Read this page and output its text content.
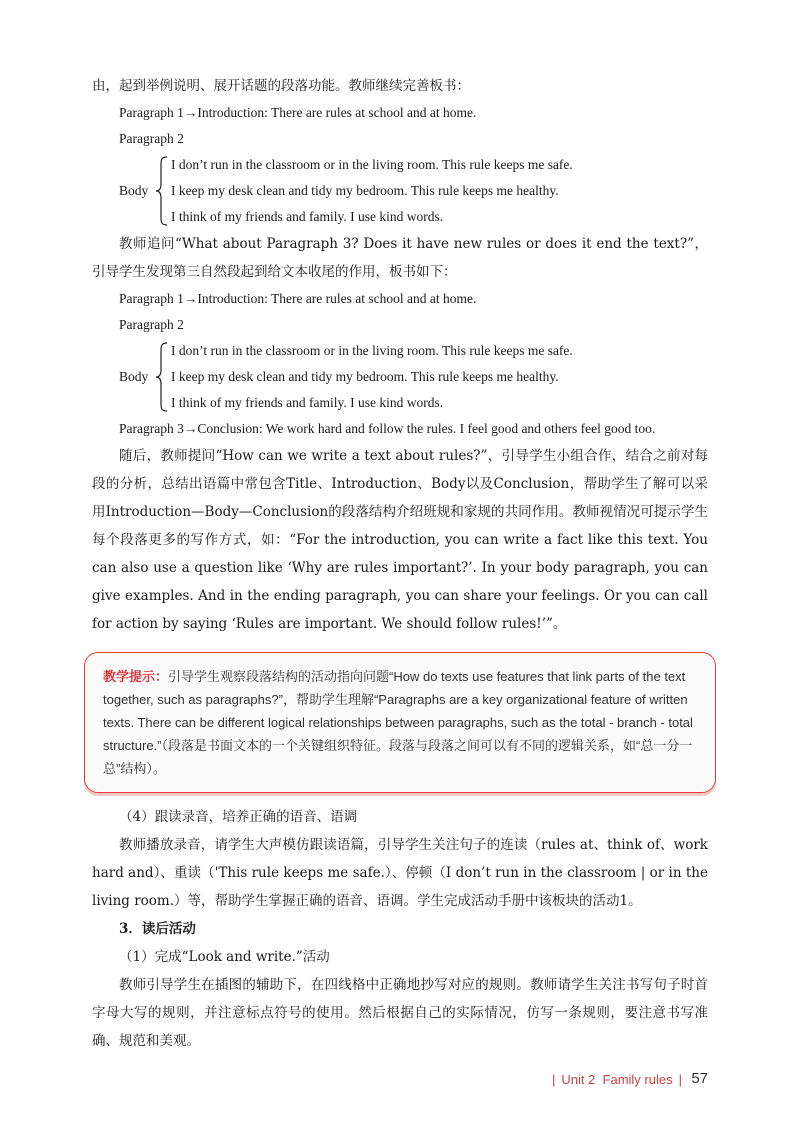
由，起到举例说明、展开话题的段落功能。教师继续完善板书：

Paragraph 1→Introduction: There are rules at school and at home.
Paragraph 2
Body
I don’t run in the classroom or in the living room. This rule keeps me safe.
I keep my desk clean and tidy my bedroom. This rule keeps me healthy.
I think of my friends and family. I use kind words.

教师追问“What about Paragraph 3? Does it have new rules or does it end the text?”，引导学生发现第三自然段起到给文本收尾的作用，板书如下：

Paragraph 1→Introduction: There are rules at school and at home.
Paragraph 2
Body
I don’t run in the classroom or in the living room. This rule keeps me safe.
I keep my desk clean and tidy my bedroom. This rule keeps me healthy.
I think of my friends and family. I use kind words.
Paragraph 3→Conclusion: We work hard and follow the rules. I feel good and others feel good too.

随后，教师提问“How can we write a text about rules?”，引导学生小组合作，结合之前对每段的分析，总结出语篇中常包含Title、Introduction、Body以及Conclusion，帮助学生了解可以采用Introduction—Body—Conclusion的段落结构介绍班规和家规的共同作用。教师视情况可提示学生每个段落更多的写作方式，如：“For the introduction, you can write a fact like this text. You can also use a question like ‘Why are rules important?’. In your body paragraph, you can give examples. And in the ending paragraph, you can share your feelings. Or you can call for action by saying ‘Rules are important. We should follow rules!’”。

教学提示：引导学生观察段落结构的活动指向问题“How do texts use features that link parts of the text together, such as paragraphs?”，帮助学生理解“Paragraphs are a key organizational feature of written texts. There can be different logical relationships between paragraphs, such as the total - branch - total structure.”（段落是书面文本的一个关键组织特征。段落与段落之间可以有不同的逻辑关系，如“总一分一总”结构）。

（4）跟读录音，培养正确的语音、语调

教师播放录音，请学生大声模仿跟读语篇，引导学生关注句子的连读（rules at、think of、work hard and）、重读（'This rule keeps me safe.）、停顿（I don’t run in the classroom | or in the living room.）等，帮助学生掌握正确的语音、语调。学生完成活动手册中该板块的活动1。

3．读后活动

（1）完成“Look and write.”活动

教师引导学生在插图的辅助下，在四线格中正确地抄写对应的规则。教师请学生关注书写句子时首字母大写的规则，并注意标点符号的使用。然后根据自己的实际情况，仿写一条规则，要注意书写准确、规范和美观。

| Unit 2 Family rules | 57
